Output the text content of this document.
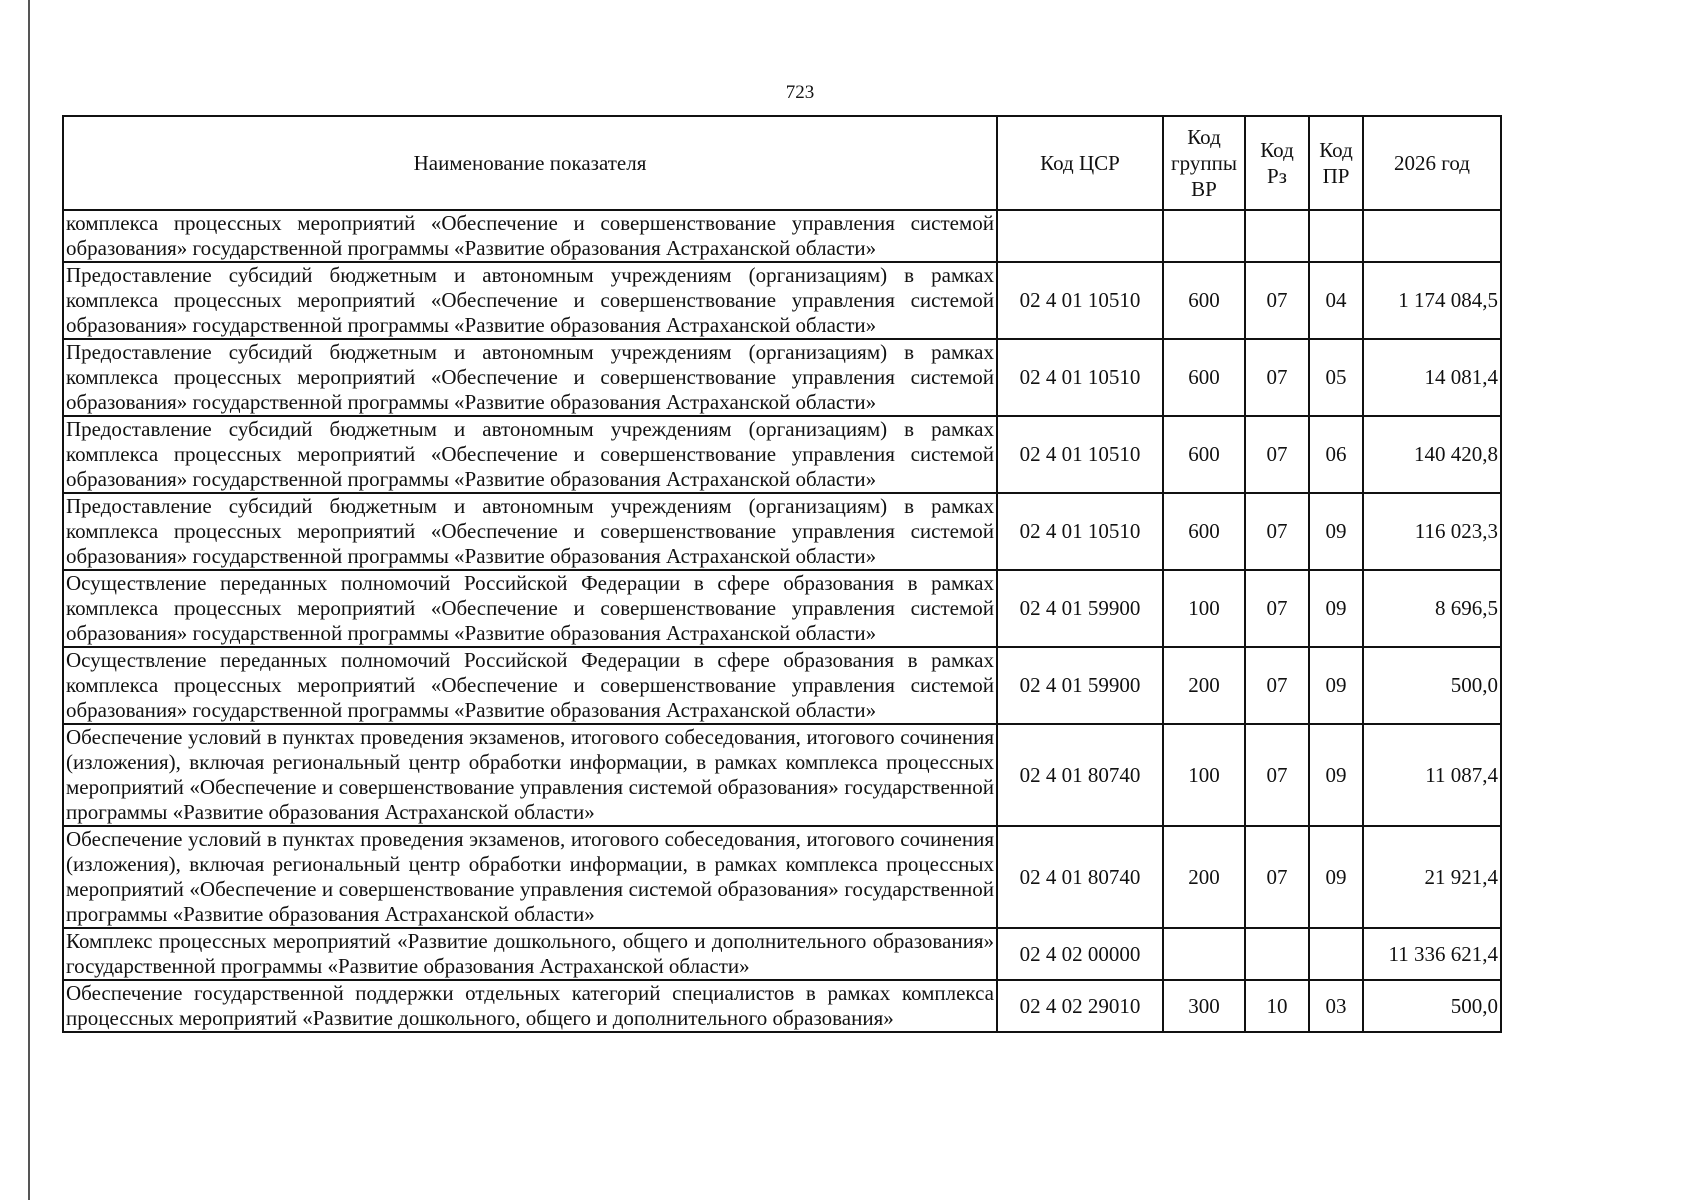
723
Наименование показателя	Код ЦСР	Код группы ВР	Код Рз	Код ПР	2026 год
комплекса процессных мероприятий «Обеспечение и совершенствование управления системой образования» государственной программы «Развитие образования Астраханской области»					
Предоставление субсидий бюджетным и автономным учреждениям (организациям) в рамках комплекса процессных мероприятий «Обеспечение и совершенствование управления системой образования» государственной программы «Развитие образования Астраханской области»	02 4 01 10510	600	07	04	1 174 084,5
Предоставление субсидий бюджетным и автономным учреждениям (организациям) в рамках комплекса процессных мероприятий «Обеспечение и совершенствование управления системой образования» государственной программы «Развитие образования Астраханской области»	02 4 01 10510	600	07	05	14 081,4
Предоставление субсидий бюджетным и автономным учреждениям (организациям) в рамках комплекса процессных мероприятий «Обеспечение и совершенствование управления системой образования» государственной программы «Развитие образования Астраханской области»	02 4 01 10510	600	07	06	140 420,8
Предоставление субсидий бюджетным и автономным учреждениям (организациям) в рамках комплекса процессных мероприятий «Обеспечение и совершенствование управления системой образования» государственной программы «Развитие образования Астраханской области»	02 4 01 10510	600	07	09	116 023,3
Осуществление переданных полномочий Российской Федерации в сфере образования в рамках комплекса процессных мероприятий «Обеспечение и совершенствование управления системой образования» государственной программы «Развитие образования Астраханской области»	02 4 01 59900	100	07	09	8 696,5
Осуществление переданных полномочий Российской Федерации в сфере образования в рамках комплекса процессных мероприятий «Обеспечение и совершенствование управления системой образования» государственной программы «Развитие образования Астраханской области»	02 4 01 59900	200	07	09	500,0
Обеспечение условий в пунктах проведения экзаменов, итогового собеседования, итогового сочинения (изложения), включая региональный центр обработки информации, в рамках комплекса процессных мероприятий «Обеспечение и совершенствование управления системой образования» государственной программы «Развитие образования Астраханской области»	02 4 01 80740	100	07	09	11 087,4
Обеспечение условий в пунктах проведения экзаменов, итогового собеседования, итогового сочинения (изложения), включая региональный центр обработки информации, в рамках комплекса процессных мероприятий «Обеспечение и совершенствование управления системой образования» государственной программы «Развитие образования Астраханской области»	02 4 01 80740	200	07	09	21 921,4
Комплекс процессных мероприятий «Развитие дошкольного, общего и дополнительного образования» государственной программы «Развитие образования Астраханской области»	02 4 02 00000				11 336 621,4
Обеспечение государственной поддержки отдельных категорий специалистов в рамках комплекса процессных мероприятий «Развитие дошкольного, общего и дополнительного образования»	02 4 02 29010	300	10	03	500,0
